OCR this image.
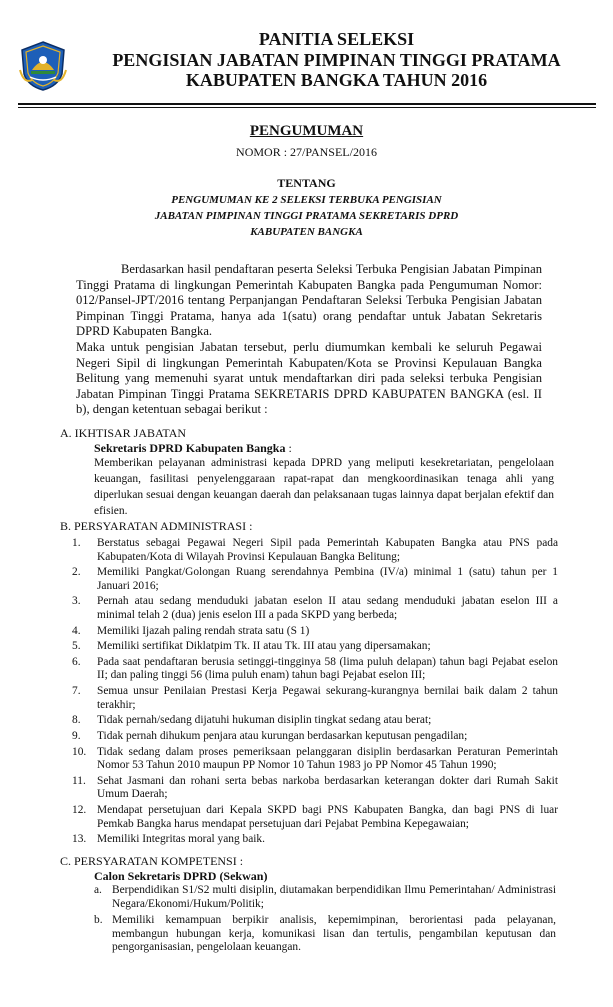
PANITIA SELEKSI
PENGISIAN JABATAN PIMPINAN TINGGI PRATAMA
KABUPATEN BANGKA TAHUN 2016
PENGUMUMAN
NOMOR : 27/PANSEL/2016
TENTANG
PENGUMUMAN KE 2 SELEKSI TERBUKA PENGISIAN
JABATAN PIMPINAN TINGGI PRATAMA SEKRETARIS DPRD
KABUPATEN BANGKA
Berdasarkan hasil pendaftaran peserta Seleksi Terbuka Pengisian Jabatan Pimpinan Tinggi Pratama di lingkungan Pemerintah Kabupaten Bangka pada Pengumuman Nomor: 012/Pansel-JPT/2016 tentang Perpanjangan Pendaftaran Seleksi Terbuka Pengisian Jabatan Pimpinan Tinggi Pratama, hanya ada 1(satu) orang pendaftar untuk Jabatan Sekretaris DPRD Kabupaten Bangka.
Maka untuk pengisian Jabatan tersebut, perlu diumumkan kembali ke seluruh Pegawai Negeri Sipil di lingkungan Pemerintah Kabupaten/Kota se Provinsi Kepulauan Bangka Belitung yang memenuhi syarat untuk mendaftarkan diri pada seleksi terbuka Pengisian Jabatan Pimpinan Tinggi Pratama SEKRETARIS DPRD KABUPATEN BANGKA (esl. II b), dengan ketentuan sebagai berikut :
A. IKHTISAR JABATAN
Sekretaris DPRD Kabupaten Bangka :
Memberikan pelayanan administrasi kepada DPRD yang meliputi kesekretariatan, pengelolaan keuangan, fasilitasi penyelenggaraan rapat-rapat dan mengkoordinasikan tenaga ahli yang diperlukan sesuai dengan keuangan daerah dan pelaksanaan tugas lainnya dapat berjalan efektif dan efisien.
B. PERSYARATAN ADMINISTRASI :
1.	Berstatus sebagai Pegawai Negeri Sipil pada Pemerintah Kabupaten Bangka atau PNS pada Kabupaten/Kota di Wilayah Provinsi Kepulauan Bangka Belitung;
2.	Memiliki Pangkat/Golongan Ruang serendahnya Pembina (IV/a) minimal 1 (satu) tahun per 1 Januari 2016;
3.	Pernah atau sedang menduduki jabatan eselon II atau sedang menduduki jabatan eselon III a minimal telah 2 (dua) jenis eselon III a pada SKPD yang berbeda;
4.	Memiliki Ijazah paling rendah strata satu (S 1)
5.	Memiliki sertifikat Diklatpim Tk. II atau Tk. III atau yang dipersamakan;
6.	Pada saat pendaftaran berusia setinggi-tingginya 58 (lima puluh delapan) tahun bagi Pejabat eselon II; dan paling tinggi 56 (lima puluh enam) tahun bagi Pejabat eselon III;
7.	Semua unsur Penilaian Prestasi Kerja Pegawai sekurang-kurangnya bernilai baik dalam 2 tahun terakhir;
8.	Tidak pernah/sedang dijatuhi hukuman disiplin tingkat sedang atau berat;
9.	Tidak pernah dihukum penjara atau kurungan berdasarkan keputusan pengadilan;
10. Tidak sedang dalam proses pemeriksaan pelanggaran disiplin berdasarkan Peraturan Pemerintah Nomor 53 Tahun 2010 maupun PP Nomor 10 Tahun 1983 jo PP Nomor 45 Tahun 1990;
11. Sehat Jasmani dan rohani serta bebas narkoba berdasarkan keterangan dokter dari Rumah Sakit Umum Daerah;
12. Mendapat persetujuan dari Kepala SKPD bagi PNS Kabupaten Bangka, dan bagi PNS di luar Pemkab Bangka harus mendapat persetujuan dari Pejabat Pembina Kepegawaian;
13. Memiliki Integritas moral yang baik.
C. PERSYARATAN KOMPETENSI :
Calon Sekretaris DPRD (Sekwan)
a. Berpendidikan S1/S2 multi disiplin, diutamakan berpendidikan Ilmu Pemerintahan/ Administrasi Negara/Ekonomi/Hukum/Politik;
b. Memiliki kemampuan berpikir analisis, kepemimpinan, berorientasi pada pelayanan, membangun hubungan kerja, komunikasi lisan dan tertulis, pengambilan keputusan dan pengorganisasian, pengelolaan keuangan.
